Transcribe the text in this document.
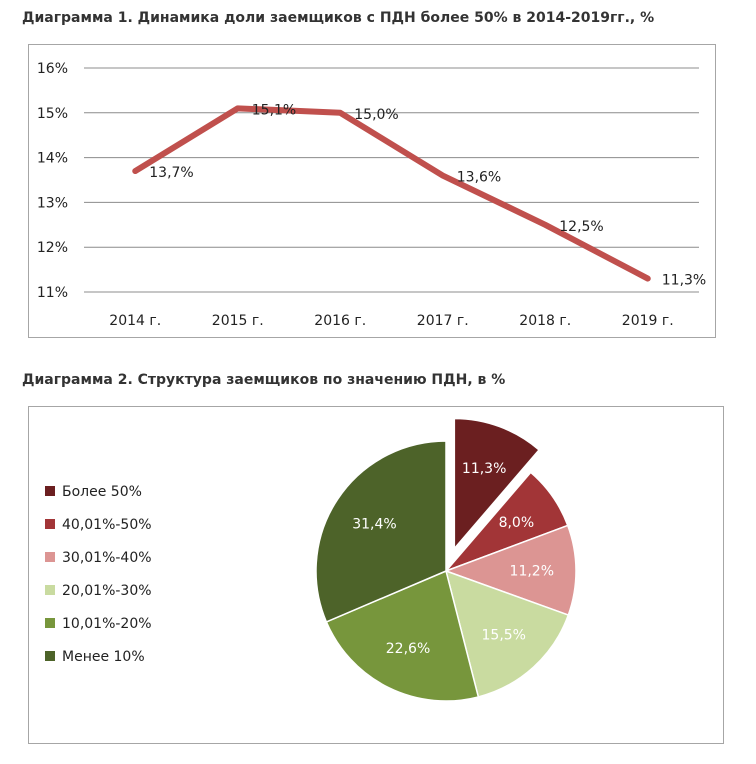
Диаграмма 1. Динамика доли заемщиков с ПДН более 50% в 2014-2019гг., %
11%
12%
13%
14%
15%
16%
2014 г.	2015 г.	2016 г.	2017 г.	2018 г.	2019 г.
13,7%
15,1%	15,0%
13,6%
12,5%
11,3%
Диаграмма 2. Структура заемщиков по значению ПДН, в %
11,3%
Более 50%
8,0%
40,01%-50%
11,2%
30,01%-40%
15,5%
20,01%-30%
22,6%
10,01%-20%
31,4%
Менее 10%
